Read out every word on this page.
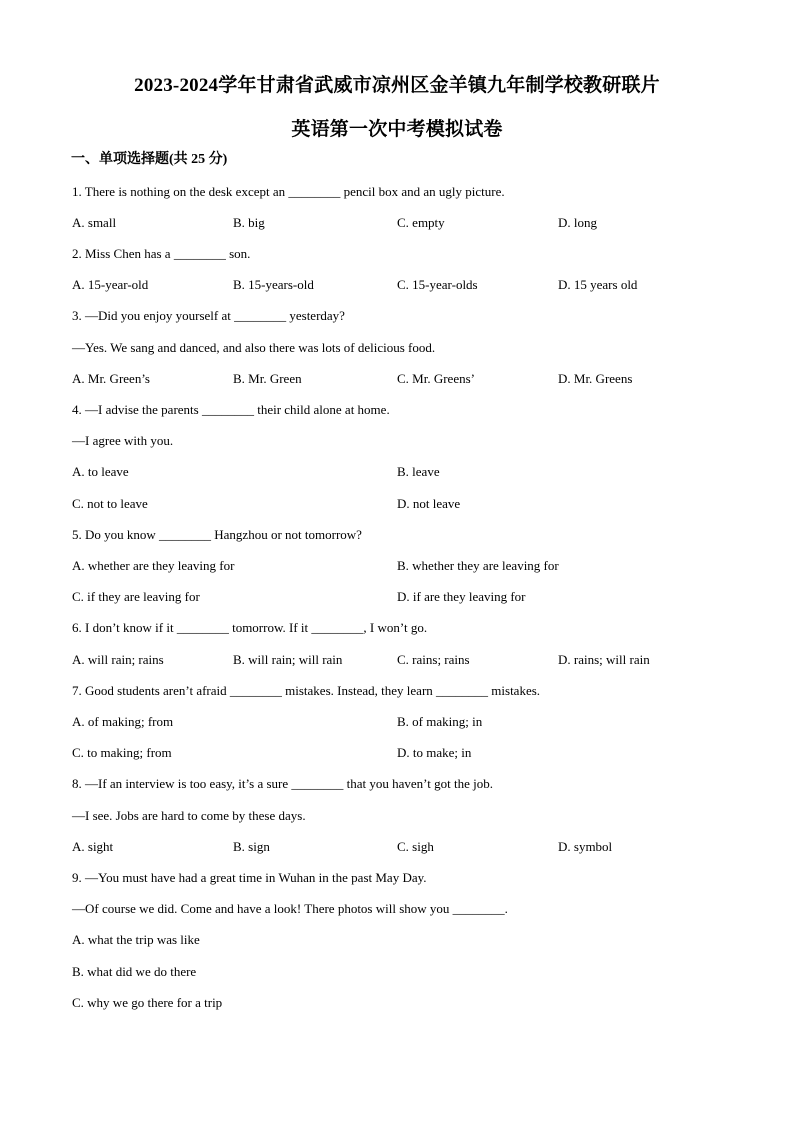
2023-2024学年甘肃省武威市凉州区金羊镇九年制学校教研联片
英语第一次中考模拟试卷
一、单项选择题(共 25 分)
1. There is nothing on the desk except an ________ pencil box and an ugly picture.
A. small	B. big	C. empty	D. long
2. Miss Chen has a ________ son.
A. 15-year-old	B. 15-years-old	C. 15-year-olds	D. 15 years old
3. —Did you enjoy yourself at ________ yesterday?
—Yes. We sang and danced, and also there was lots of delicious food.
A. Mr. Green’s	B. Mr. Green	C. Mr. Greens’	D. Mr. Greens
4. —I advise the parents ________ their child alone at home.
—I agree with you.
A. to leave	B. leave
C. not to leave	D. not leave
5. Do you know ________ Hangzhou or not tomorrow?
A. whether are they leaving for	B. whether they are leaving for
C. if they are leaving for	D. if are they leaving for
6. I don’t know if it ________ tomorrow. If it ________, I won’t go.
A. will rain; rains	B. will rain; will rain	C. rains; rains	D. rains; will rain
7. Good students aren’t afraid ________ mistakes. Instead, they learn ________ mistakes.
A. of making; from	B. of making; in
C. to making; from	D. to make; in
8. —If an interview is too easy, it’s a sure ________ that you haven’t got the job.
—I see. Jobs are hard to come by these days.
A. sight	B. sign	C. sigh	D. symbol
9. —You must have had a great time in Wuhan in the past May Day.
—Of course we did. Come and have a look! There photos will show you ________.
A. what the trip was like
B. what did we do there
C. why we go there for a trip
